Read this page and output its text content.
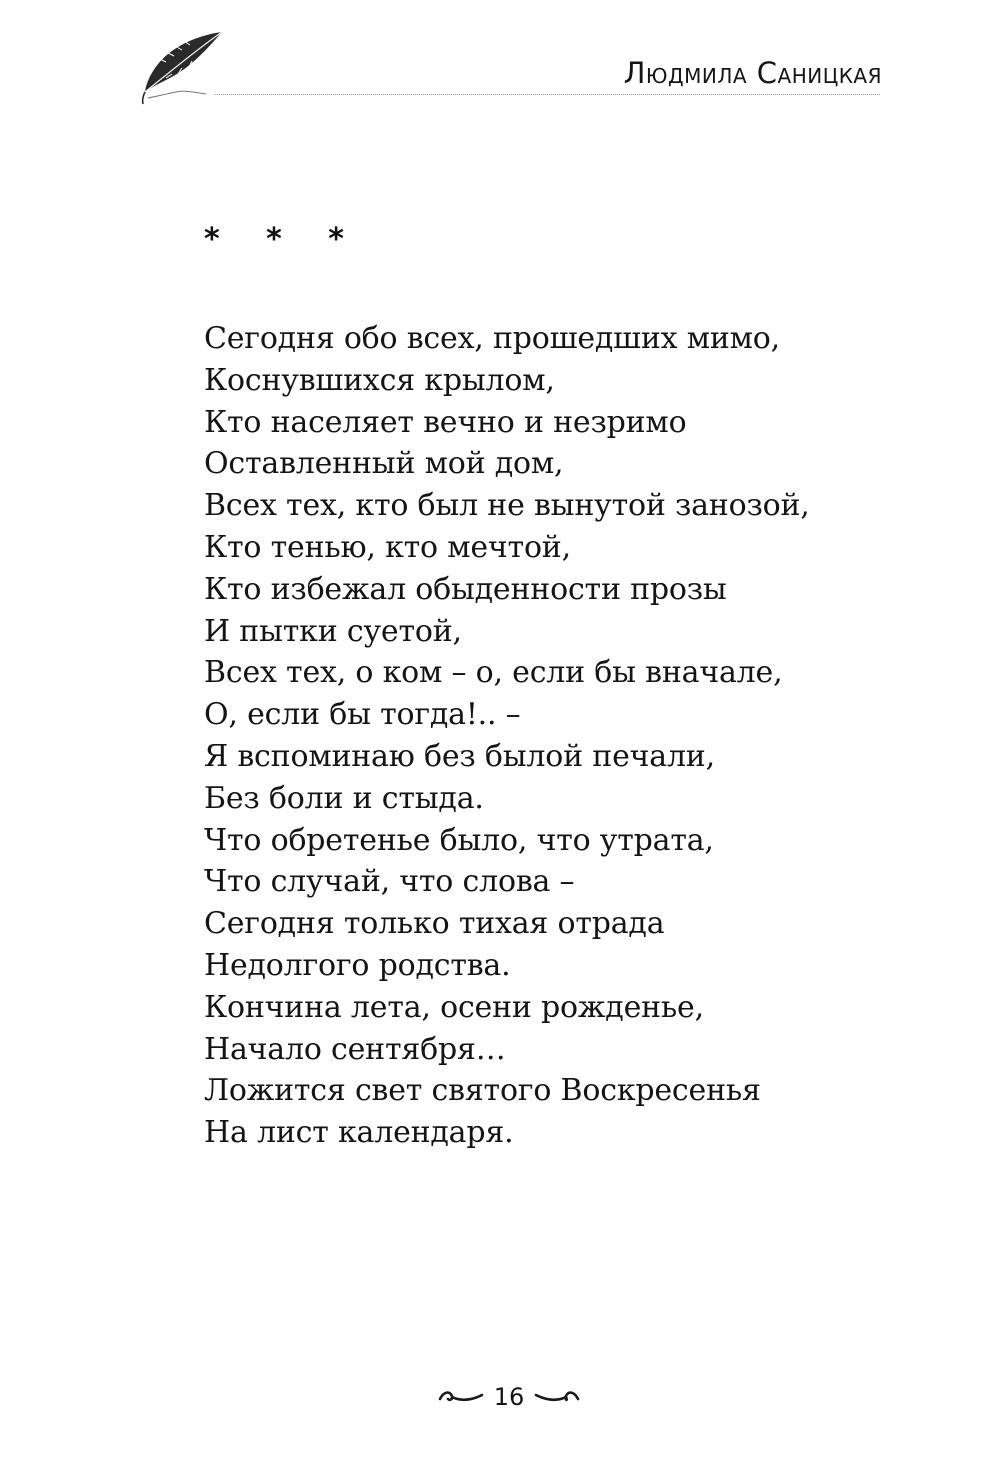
Людмила Саницкая
* * *
Сегодня обо всех, прошедших мимо,
Коснувшихся крылом,
Кто населяет вечно и незримо
Оставленный мой дом,
Всех тех, кто был не вынутой занозой,
Кто тенью, кто мечтой,
Кто избежал обыденности прозы
И пытки суетой,
Всех тех, о ком – о, если бы вначале,
О, если бы тогда!.. –
Я вспоминаю без былой печали,
Без боли и стыда.
Что обретенье было, что утрата,
Что случай, что слова –
Сегодня только тихая отрада
Недолгого родства.
Кончина лета, осени рожденье,
Начало сентября…
Ложится свет святого Воскресенья
На лист календаря.
16
